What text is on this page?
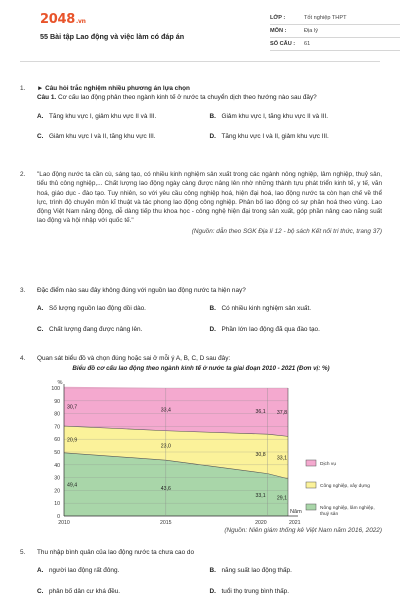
2048.vn
55 Bài tập Lao động và việc làm có đáp án
LỚP :	Tốt nghiệp THPT
MÔN :	Địa lý
SỐ CÂU :	61
1.	► Câu hỏi trắc nghiệm nhiều phương án lựa chọn
Câu 1. Cơ cấu lao động phân theo ngành kinh tế ở nước ta chuyển dịch theo hướng nào sau đây?
A. Tăng khu vực I, giảm khu vực II và III.	B. Giảm khu vực I, tăng khu vực II và III.
C. Giảm khu vực I và II, tăng khu vực III.	D. Tăng khu vực I và II, giảm khu vực III.
2.	"Lao động nước ta cần cù, sáng tạo, có nhiều kinh nghiệm sản xuất trong các ngành nông nghiệp, lâm nghiệp, thuỷ sản, tiểu thủ công nghiệp,... Chất lượng lao động ngày càng được nâng lên nhờ những thành tựu phát triển kinh tế, y tế, văn hoá, giáo dục - đào tạo. Tuy nhiên, so với yêu cầu công nghiệp hoá, hiện đại hoá, lao động nước ta còn hạn chế về thể lực, trình độ chuyên môn kĩ thuật và tác phong lao động công nghiệp. Phân bố lao động có sự phân hoá theo vùng. Lao động Việt Nam năng động, dễ dàng tiếp thu khoa học - công nghệ hiện đại trong sản xuất, góp phần nâng cao năng suất lao động và hội nhập với quốc tế."
(Nguồn: dẫn theo SGK Địa lí 12 - bộ sách Kết nối tri thức, trang 37)
3.	Đặc điểm nào sau đây không đúng với nguồn lao động nước ta hiện nay?
A. Số lượng nguồn lao động dồi dào.	B. Có nhiều kinh nghiệm sản xuất.
C. Chất lượng đang được nâng lên.	D. Phần lớn lao động đã qua đào tạo.
4.	Quan sát biểu đồ và chọn đúng hoặc sai ở mỗi ý A, B, C, D sau đây:
Biểu đồ cơ cấu lao động theo ngành kinh tế ở nước ta giai đoạn 2010 - 2021 (Đơn vị: %)
0
10
20
30
40
50
60
70
80
90
100
%
Năm
2010	2015	2020	2021
49,4
43,6
33,1 29,1
20,9
23,0
30,8
33,1
30,7
33,4	36,1 37,8
Dịch vụ
Công nghiệp, xây dựng
Nông nghiệp, lâm nghiệp,
thuỷ sản
(Nguồn: Niên giám thống kê Việt Nam năm 2016, 2022)
5.	Thu nhập bình quân của lao động nước ta chưa cao do
A. người lao động rất đông.	B. năng suất lao động thấp.
C. phân bố dân cư khá đều.	D. tuổi thọ trung bình thấp.
